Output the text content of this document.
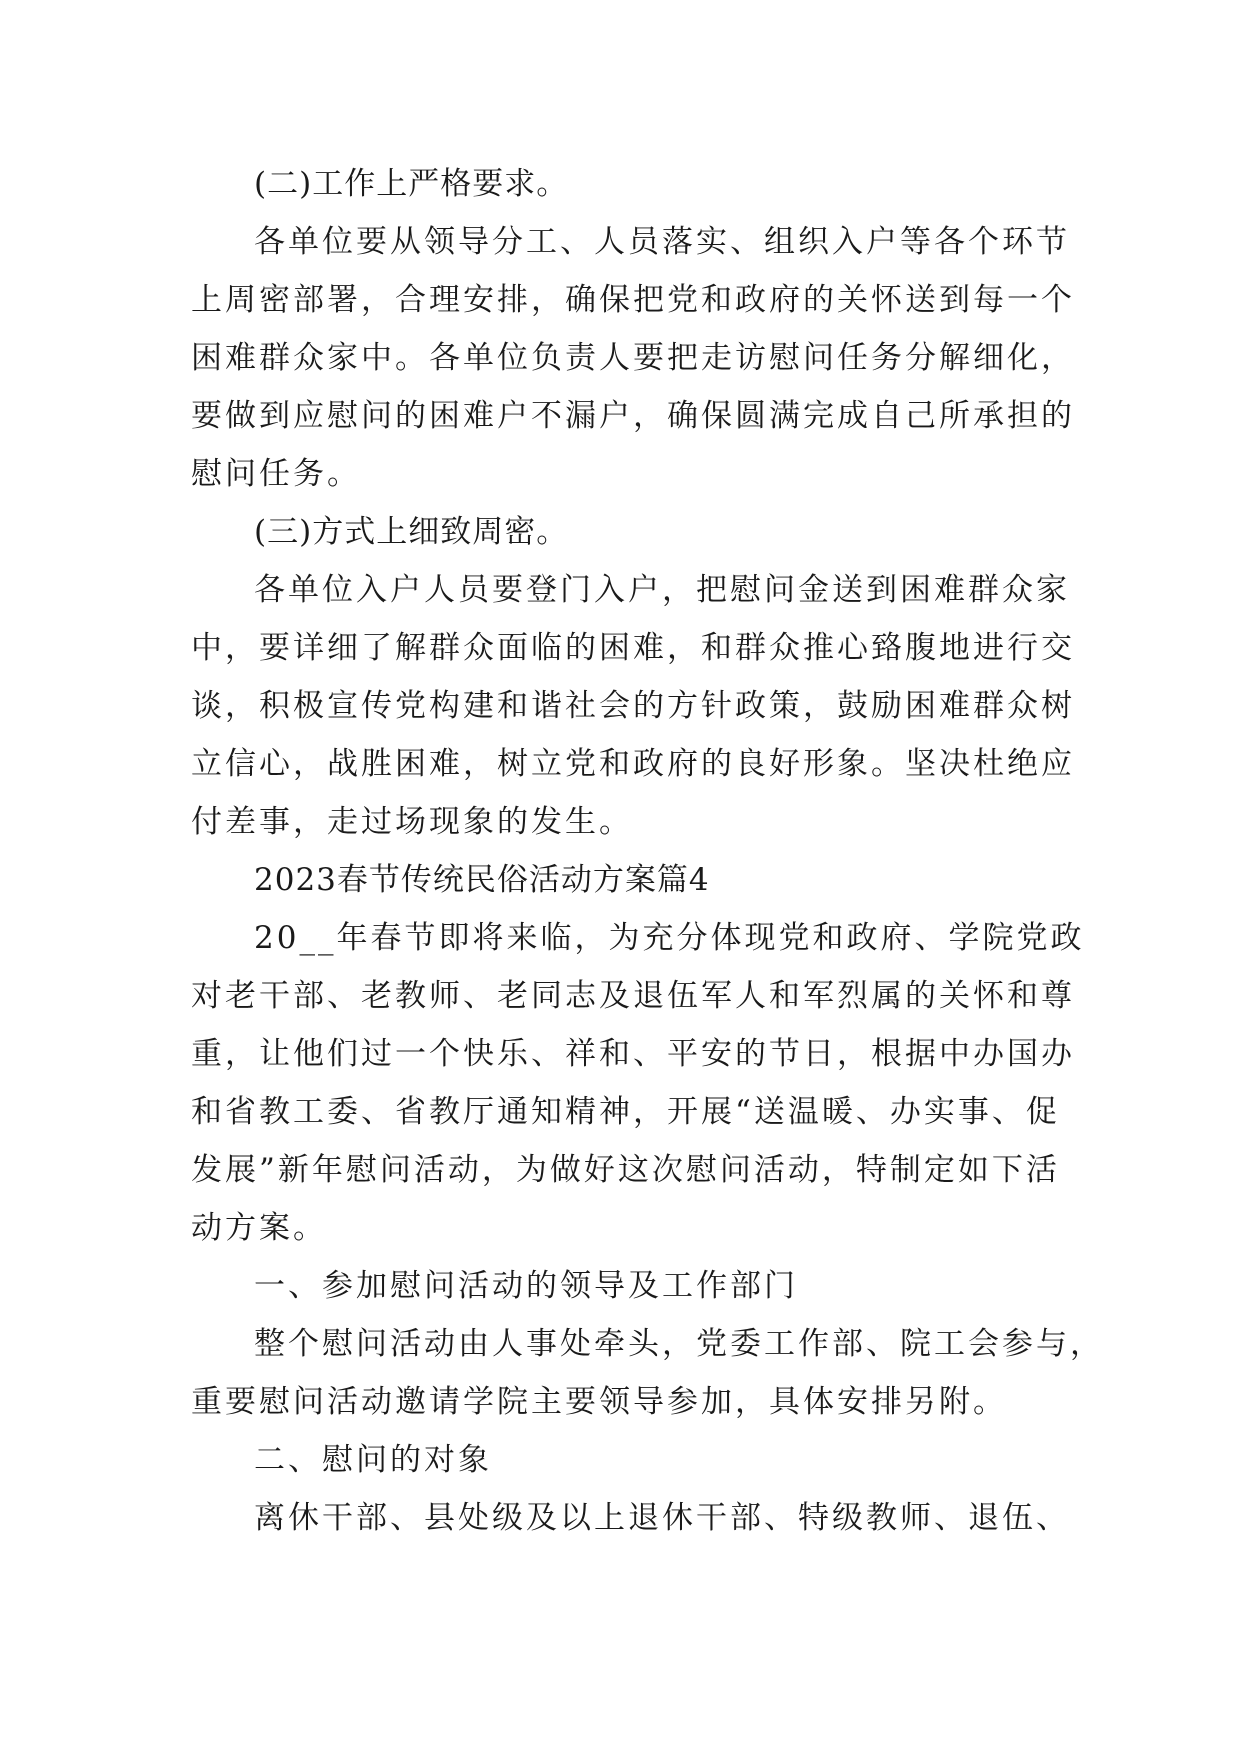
(二)工作上严格要求。
各单位要从领导分工、人员落实、组织入户等各个环节
上周密部署，合理安排，确保把党和政府的关怀送到每一个
困难群众家中。各单位负责人要把走访慰问任务分解细化，
要做到应慰问的困难户不漏户，确保圆满完成自己所承担的
慰问任务。
(三)方式上细致周密。
各单位入户人员要登门入户，把慰问金送到困难群众家
中，要详细了解群众面临的困难，和群众推心臵腹地进行交
谈，积极宣传党构建和谐社会的方针政策，鼓励困难群众树
立信心，战胜困难，树立党和政府的良好形象。坚决杜绝应
付差事，走过场现象的发生。
2023春节传统民俗活动方案篇4
20__年春节即将来临，为充分体现党和政府、学院党政
对老干部、老教师、老同志及退伍军人和军烈属的关怀和尊
重，让他们过一个快乐、祥和、平安的节日，根据中办国办
和省教工委、省教厅通知精神，开展“送温暖、办实事、促
发展”新年慰问活动，为做好这次慰问活动，特制定如下活
动方案。
一、参加慰问活动的领导及工作部门
整个慰问活动由人事处牵头，党委工作部、院工会参与，
重要慰问活动邀请学院主要领导参加，具体安排另附。
二、慰问的对象
离休干部、县处级及以上退休干部、特级教师、退伍、
